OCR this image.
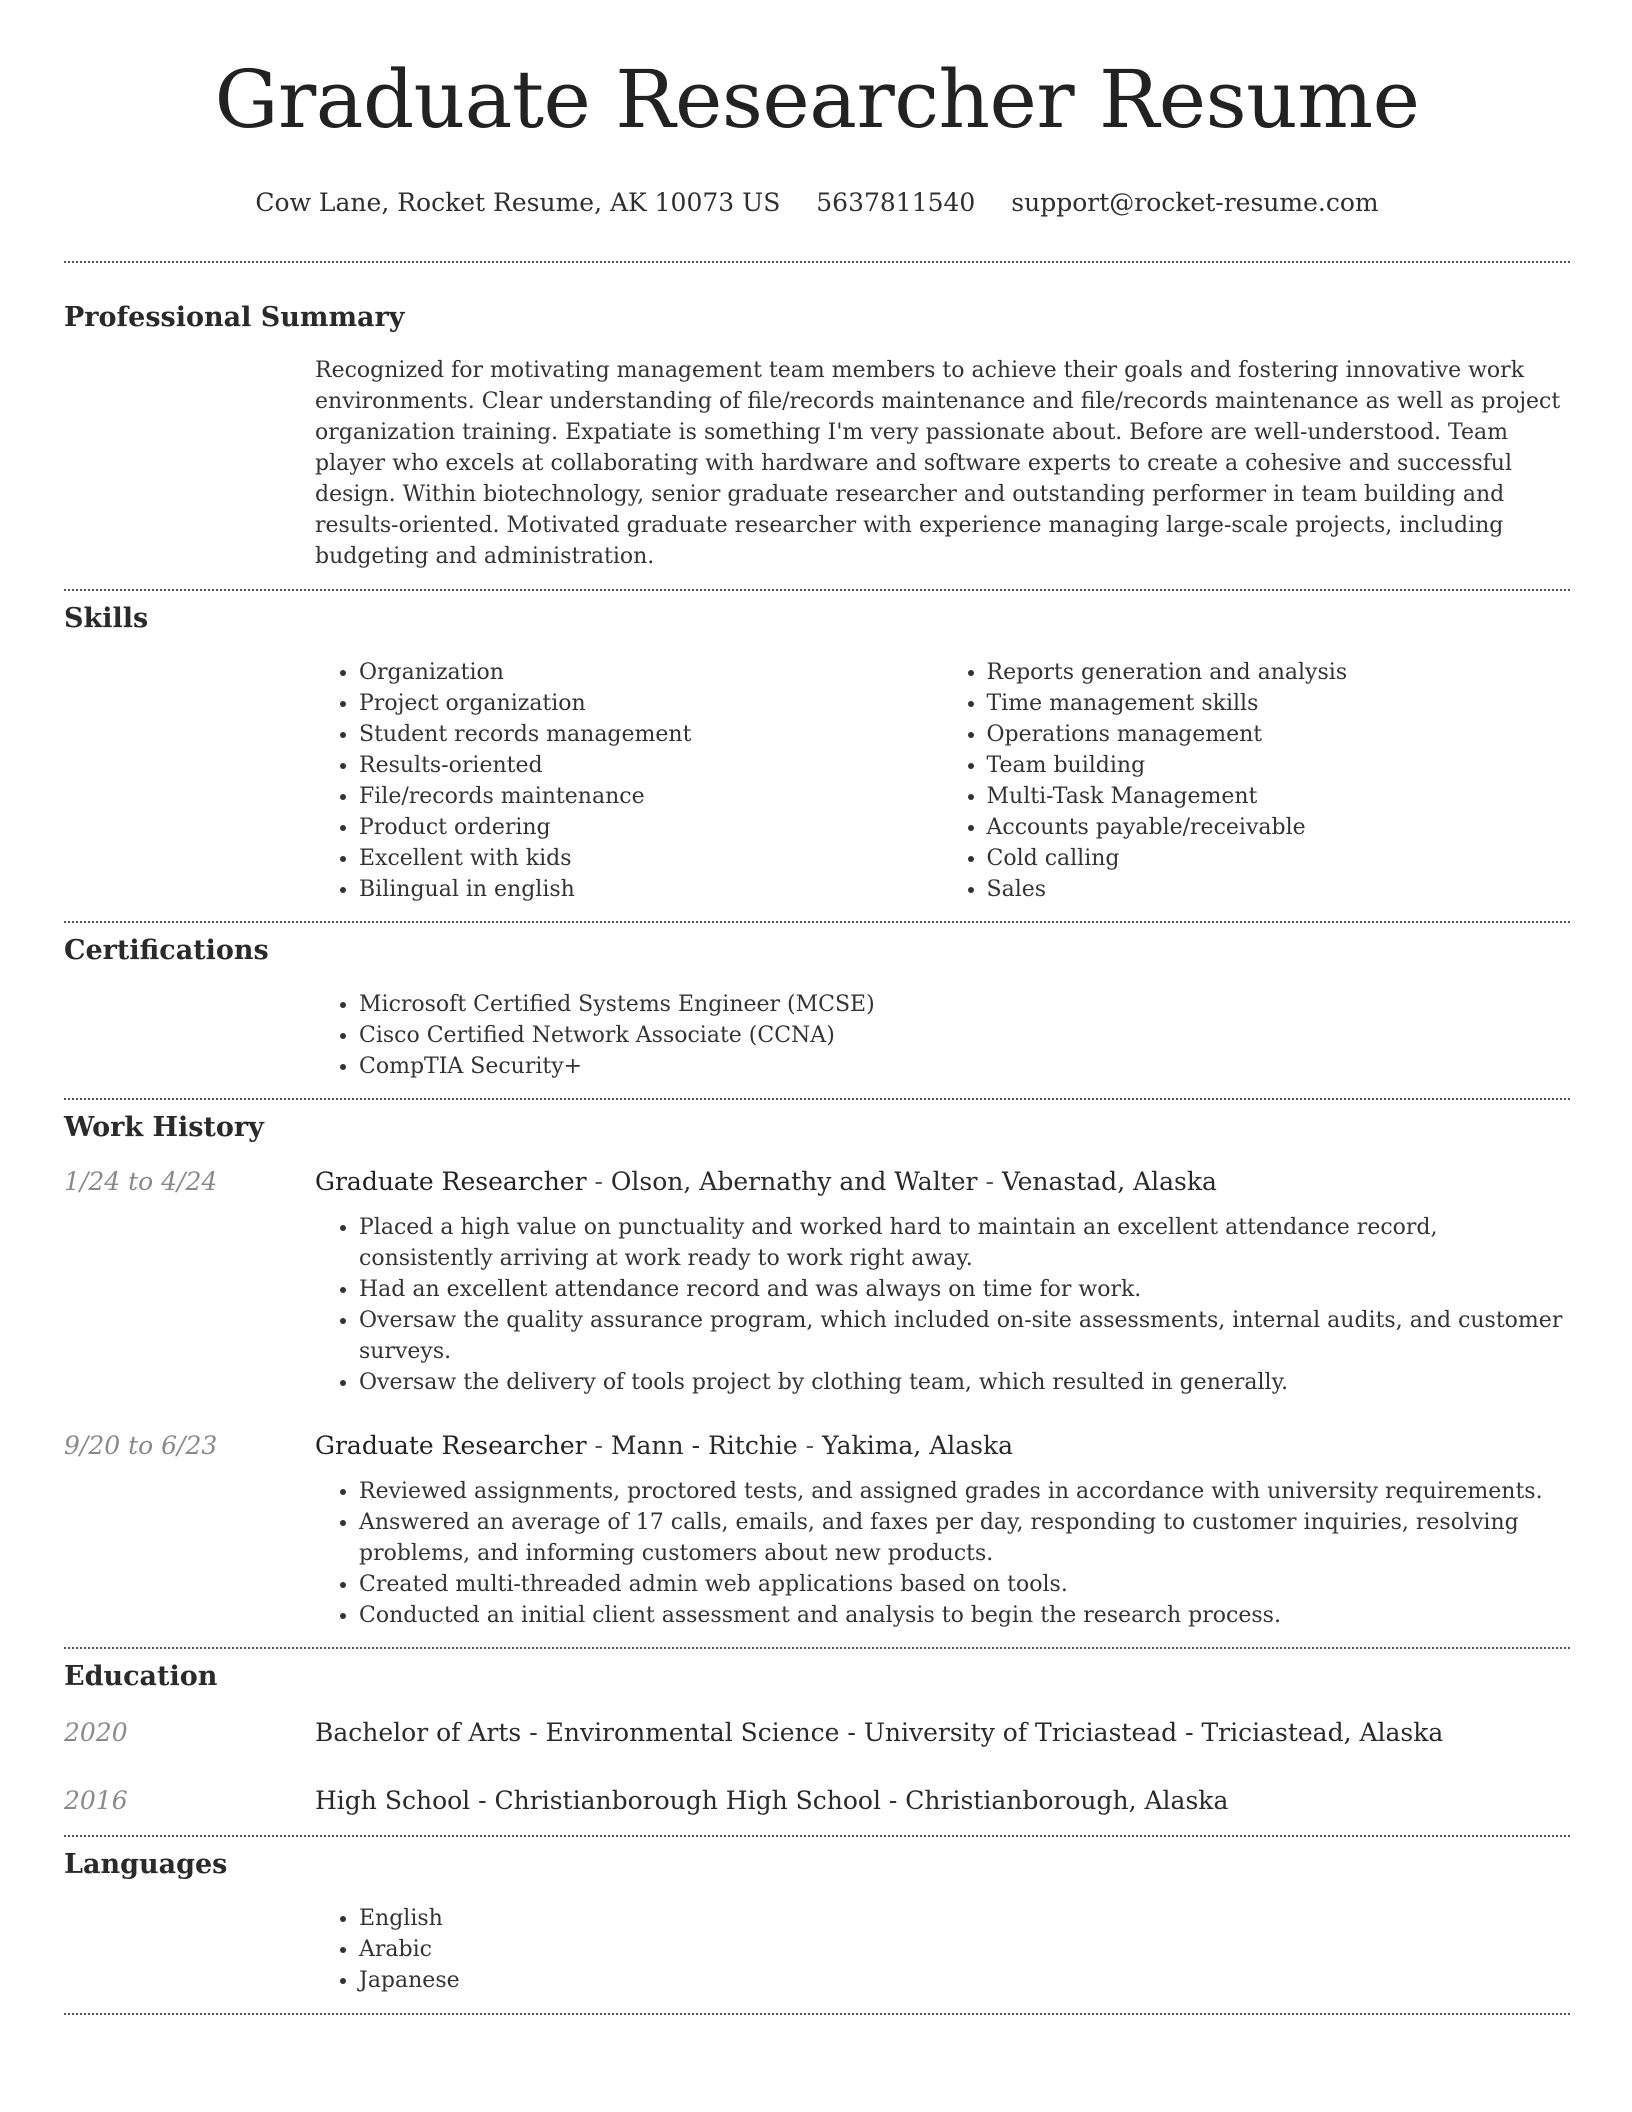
Graduate Researcher Resume
Cow Lane, Rocket Resume, AK 10073 US 5637811540 support@rocket-resume.com
Professional Summary
Recognized for motivating management team members to achieve their goals and fostering innovative work environments. Clear understanding of file/records maintenance and file/records maintenance as well as project organization training. Expatiate is something I'm very passionate about. Before are well-understood. Team player who excels at collaborating with hardware and software experts to create a cohesive and successful design. Within biotechnology, senior graduate researcher and outstanding performer in team building and results-oriented. Motivated graduate researcher with experience managing large-scale projects, including budgeting and administration.
Skills
• Organization
• Project organization
• Student records management
• Results-oriented
• File/records maintenance
• Product ordering
• Excellent with kids
• Bilingual in english
• Reports generation and analysis
• Time management skills
• Operations management
• Team building
• Multi-Task Management
• Accounts payable/receivable
• Cold calling
• Sales
Certifications
• Microsoft Certified Systems Engineer (MCSE)
• Cisco Certified Network Associate (CCNA)
• CompTIA Security+
Work History
1/24 to 4/24	Graduate Researcher - Olson, Abernathy and Walter - Venastad, Alaska
• Placed a high value on punctuality and worked hard to maintain an excellent attendance record, consistently arriving at work ready to work right away.
• Had an excellent attendance record and was always on time for work.
• Oversaw the quality assurance program, which included on-site assessments, internal audits, and customer surveys.
• Oversaw the delivery of tools project by clothing team, which resulted in generally.
9/20 to 6/23	Graduate Researcher - Mann - Ritchie - Yakima, Alaska
• Reviewed assignments, proctored tests, and assigned grades in accordance with university requirements.
• Answered an average of 17 calls, emails, and faxes per day, responding to customer inquiries, resolving problems, and informing customers about new products.
• Created multi-threaded admin web applications based on tools.
• Conducted an initial client assessment and analysis to begin the research process.
Education
2020	Bachelor of Arts - Environmental Science - University of Triciastead - Triciastead, Alaska
2016	High School - Christianborough High School - Christianborough, Alaska
Languages
• English
• Arabic
• Japanese
